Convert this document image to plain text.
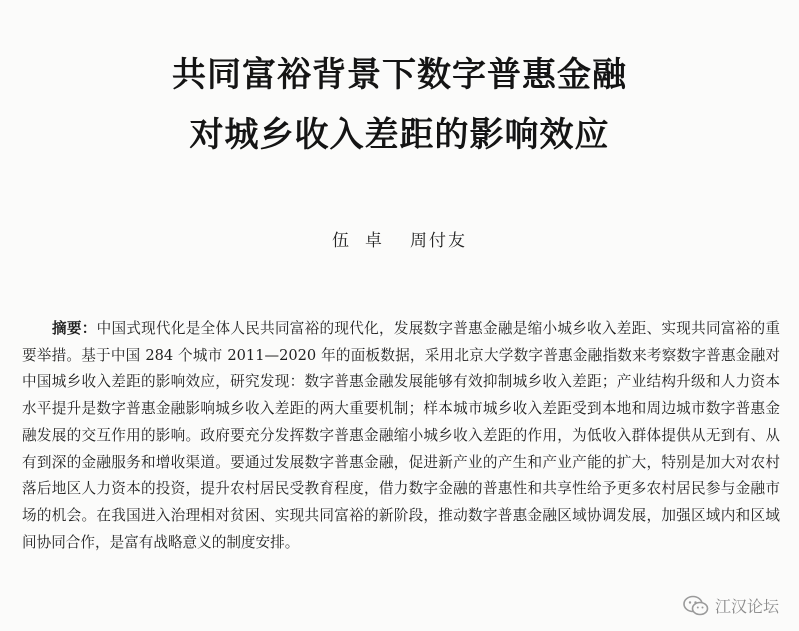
共同富裕背景下数字普惠金融
对城乡收入差距的影响效应
伍卓 周付友

摘要：中国式现代化是全体人民共同富裕的现代化，发展数字普惠金融是缩小城乡收入差距、实现共同富裕的重要举措。基于中国 284 个城市 2011—2020 年的面板数据，采用北京大学数字普惠金融指数来考察数字普惠金融对中国城乡收入差距的影响效应，研究发现：数字普惠金融发展能够有效抑制城乡收入差距；产业结构升级和人力资本水平提升是数字普惠金融影响城乡收入差距的两大重要机制；样本城市城乡收入差距受到本地和周边城市数字普惠金融发展的交互作用的影响。政府要充分发挥数字普惠金融缩小城乡收入差距的作用，为低收入群体提供从无到有、从有到深的金融服务和增收渠道。要通过发展数字普惠金融，促进新产业的产生和产业产能的扩大，特别是加大对农村落后地区人力资本的投资，提升农村居民受教育程度，借力数字金融的普惠性和共享性给予更多农村居民参与金融市场的机会。在我国进入治理相对贫困、实现共同富裕的新阶段，推动数字普惠金融区域协调发展，加强区域内和区域间协同合作，是富有战略意义的制度安排。

江汉论坛
